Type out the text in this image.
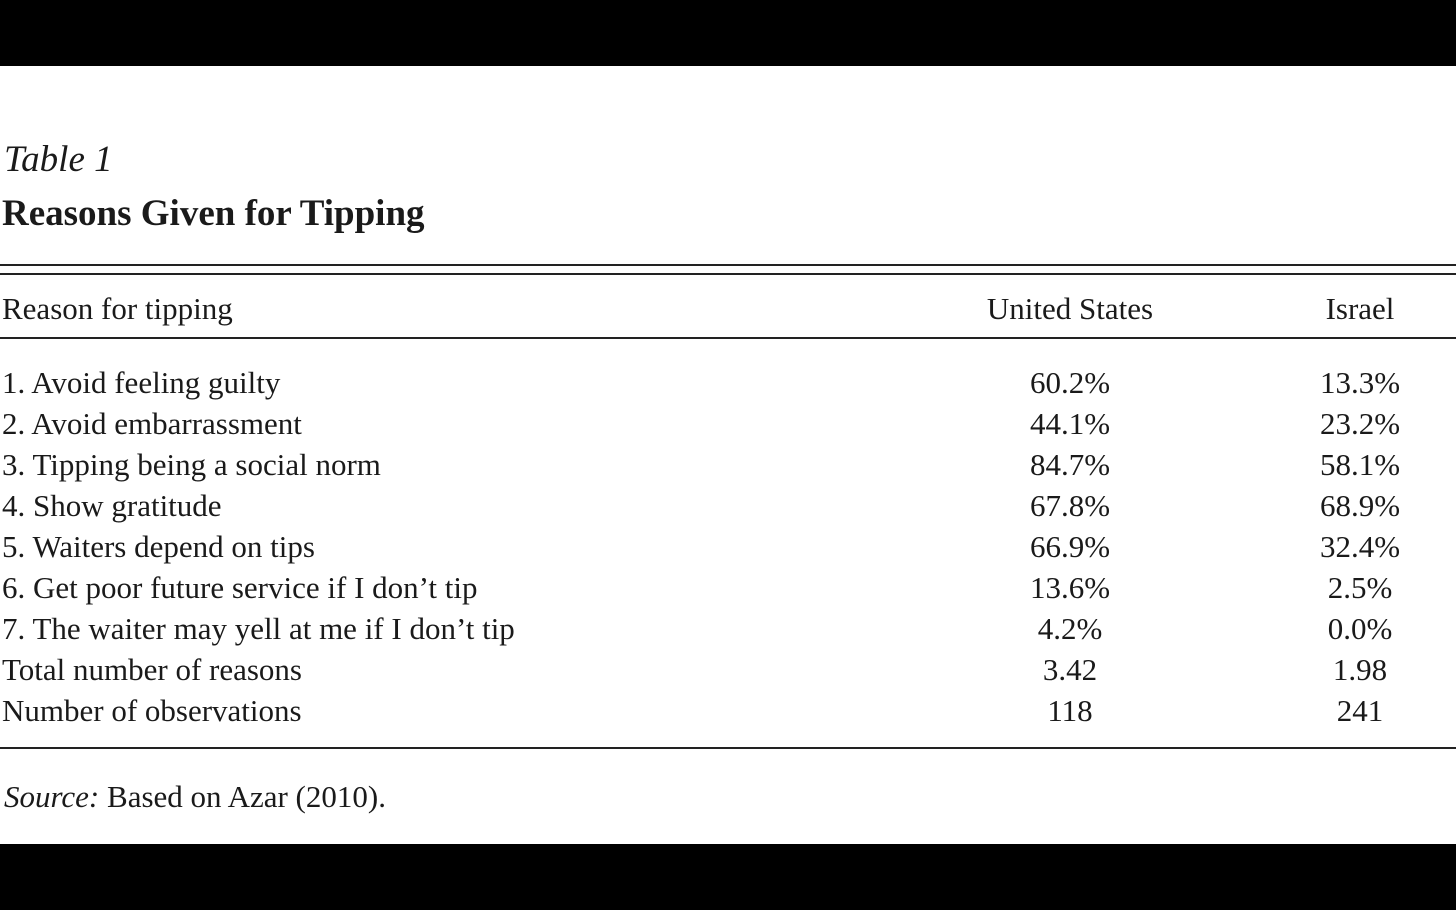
Table 1
Reasons Given for Tipping
Reason for tipping	United States	Israel
1. Avoid feeling guilty	60.2%	13.3%
2. Avoid embarrassment	44.1%	23.2%
3. Tipping being a social norm	84.7%	58.1%
4. Show gratitude	67.8%	68.9%
5. Waiters depend on tips	66.9%	32.4%
6. Get poor future service if I don’t tip	13.6%	2.5%
7. The waiter may yell at me if I don’t tip	4.2%	0.0%
Total number of reasons	3.42	1.98
Number of observations	118	241
Source: Based on Azar (2010).
